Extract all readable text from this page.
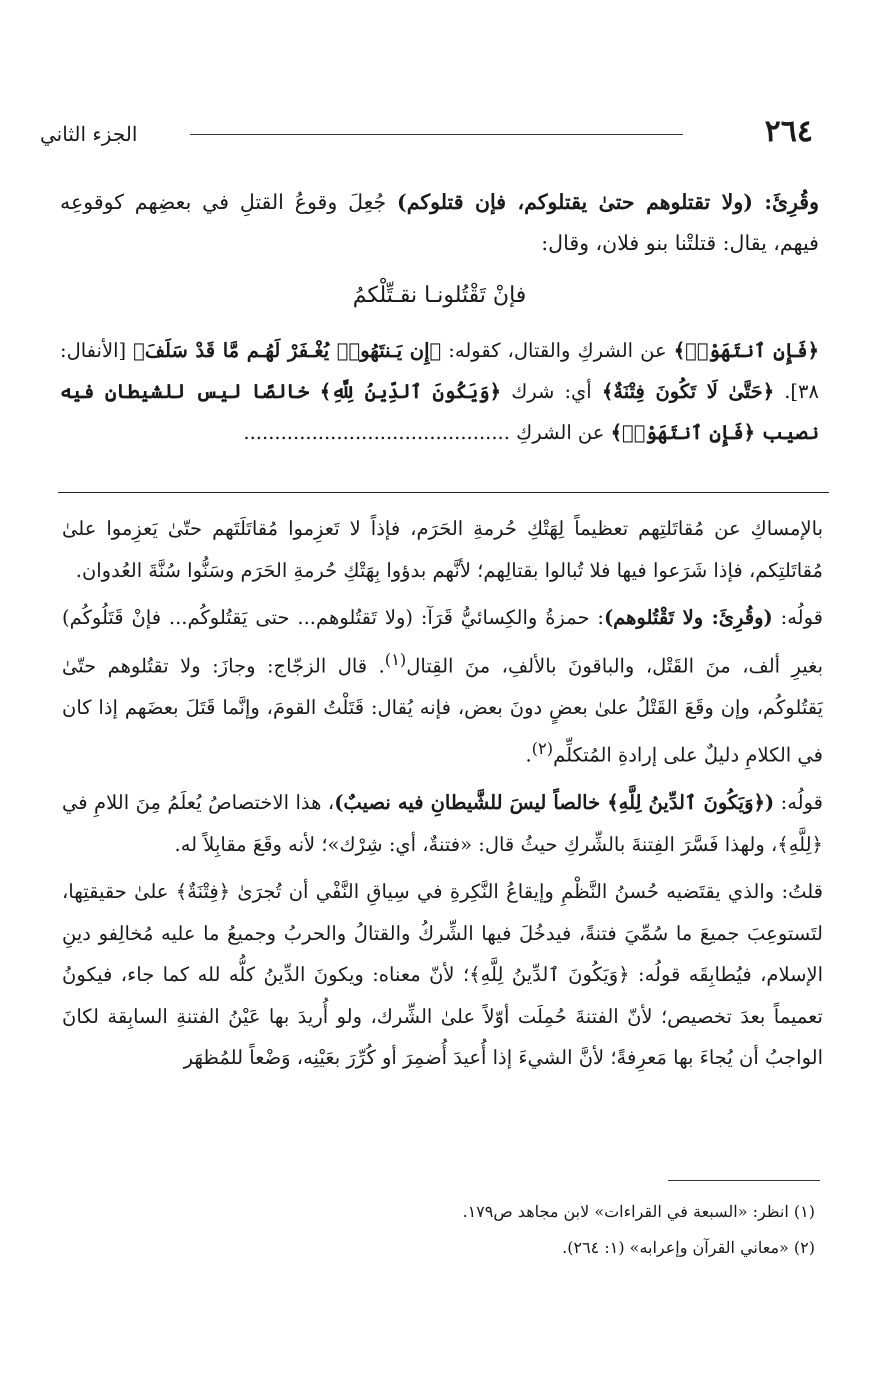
٢٦٤
الجزء الثاني

وقُرِئَ: (ولا تقتلوهم حتىٰ يقتلوكم، فإن قتلوكم) جُعِلَ وقوعُ القتلِ في بعضِهم كوقوعِه فيهم، يقال: قتلتْنا بنو فلان، وقال:

فإنْ تَقْتُلونـا نقـتِّلْكمُ

﴿فَإِنِ ٱنتَهَوْا۟﴾ عن الشركِ والقتال، كقوله: ﴿إِن يَـنتَهُوا۟ يُغْـفَرْ لَهُـم مَّا قَدْ سَلَفَ﴾ [الأنفال: ٣٨]. ﴿حَتَّىٰ لَا تَكُونَ فِتْنَةٌ﴾ أي: شرك ﴿وَيَكُونَ ٱلدِّينُ لِلَّهِ﴾ خالصًا ليس للشيطانِ فيه نصيب ﴿فَإِنِ ٱنتَهَوْا۟﴾ عن الشركِ ...........................................

بالإمساكِ عن مُقاتَلتِهم تعظيماً لِهَتْكِ حُرمةِ الحَرَم، فإذاً لا تَعزِموا مُقاتَلَتَهم حتّىٰ يَعزِموا علىٰ مُقاتَلتِكم، فإذا شَرَعوا فيها فلا تُبالوا بقتالِهم؛ لأنَّهم بدؤوا بِهَتْكِ حُرمةِ الحَرَم وسَنُّوا سُنَّةَ العُدوان.

قولُه: (وقُرِئَ: ولا تَقْتُلوهم): حمزةُ والكِسائيُّ قَرَآ: (ولا تَقتُلوهم... حتى يَقتُلوكُم... فإنْ قَتَلُوكُم) بغيرِ ألف، منَ القَتْل، والباقونَ بالألفِ، منَ القِتال$^{(١)}$. قال الزجّاج: وجازَ: ولا تقتُلوهم حتّىٰ يَقتُلوكُم، وإن وقَعَ القَتْلُ علىٰ بعضٍ دونَ بعض، فإنه يُقال: قَتَلْتُ القومَ، وإنَّما قَتَلَ بعضَهم إذا كان في الكلامِ دليلٌ على إرادةِ المُتكلِّم$^{(٢)}$.

قولُه: (﴿وَيَكُونَ ٱلدِّينُ لِلَّهِ﴾ خالصاً ليسَ للشَّيطانِ فيه نصيبٌ)، هذا الاختصاصُ يُعلَمُ مِنَ اللامِ في ﴿لِلَّهِ﴾، ولهذا فَسَّرَ الفِتنةَ بالشِّركِ حيثُ قال: «فتنةٌ، أي: شِرْك»؛ لأنه وقَعَ مقابِلاً له.

قلتُ: والذي يقتَضيه حُسنُ النَّظْمِ وإيقاعُ النَّكِرةِ في سِياقِ النَّفْي أن تُجرَىٰ ﴿فِتْنَةٌ﴾ علىٰ حقيقتِها، لتَستوعِبَ جميعَ ما سُمِّيَ فتنةً، فيدخُلَ فيها الشِّركُ والقتالُ والحربُ وجميعُ ما عليه مُخالِفو دينِ الإسلام، فيُطابِقَه قولُه: ﴿وَيَكُونَ ٱلدِّينُ لِلَّهِ﴾؛ لأنّ معناه: ويكونَ الدِّينُ كلُّه لله كما جاء، فيكونُ تعميماً بعدَ تخصيص؛ لأنّ الفتنةَ حُمِلَت أوّلاً علىٰ الشِّرك، ولو أُريدَ بها عَيْنُ الفتنةِ السابِقة لكانَ الواجبُ أن يُجاءَ بها مَعرِفةً؛ لأنَّ الشيءَ إذا أُعيدَ أُضمِرَ أو كُرِّرَ بعَيْنِه، وَضْعاً للمُظهَر

(١) انظر: «السبعة في القراءات» لابن مجاهد ص١٧٩.

(٢) «معاني القرآن وإعرابه» (١: ٢٦٤).
